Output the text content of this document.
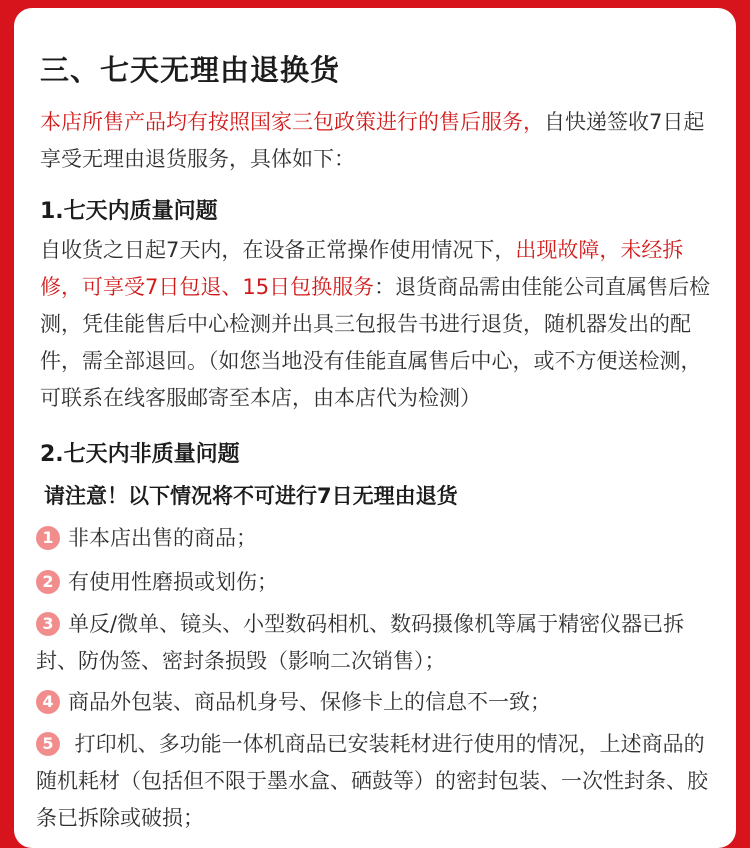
三、七天无理由退换货

本店所售产品均有按照国家三包政策进行的售后服务，自快递签收7日起享受无理由退货服务，具体如下：

1.七天内质量问题

自收货之日起7天内，在设备正常操作使用情况下，出现故障，未经拆修，可享受7日包退、15日包换服务：退货商品需由佳能公司直属售后检测，凭佳能售后中心检测并出具三包报告书进行退货，随机器发出的配件，需全部退回。（如您当地没有佳能直属售后中心，或不方便送检测，可联系在线客服邮寄至本店，由本店代为检测）

2.七天内非质量问题

请注意！以下情况将不可进行7日无理由退货

1 非本店出售的商品；
2 有使用性磨损或划伤；
3 单反/微单、镜头、小型数码相机、数码摄像机等属于精密仪器已拆封、防伪签、密封条损毁（影响二次销售）；
4 商品外包装、商品机身号、保修卡上的信息不一致；
5 打印机、多功能一体机商品已安装耗材进行使用的情况，上述商品的随机耗材（包括但不限于墨水盒、硒鼓等）的密封包装、一次性封条、胶条已拆除或破损；
